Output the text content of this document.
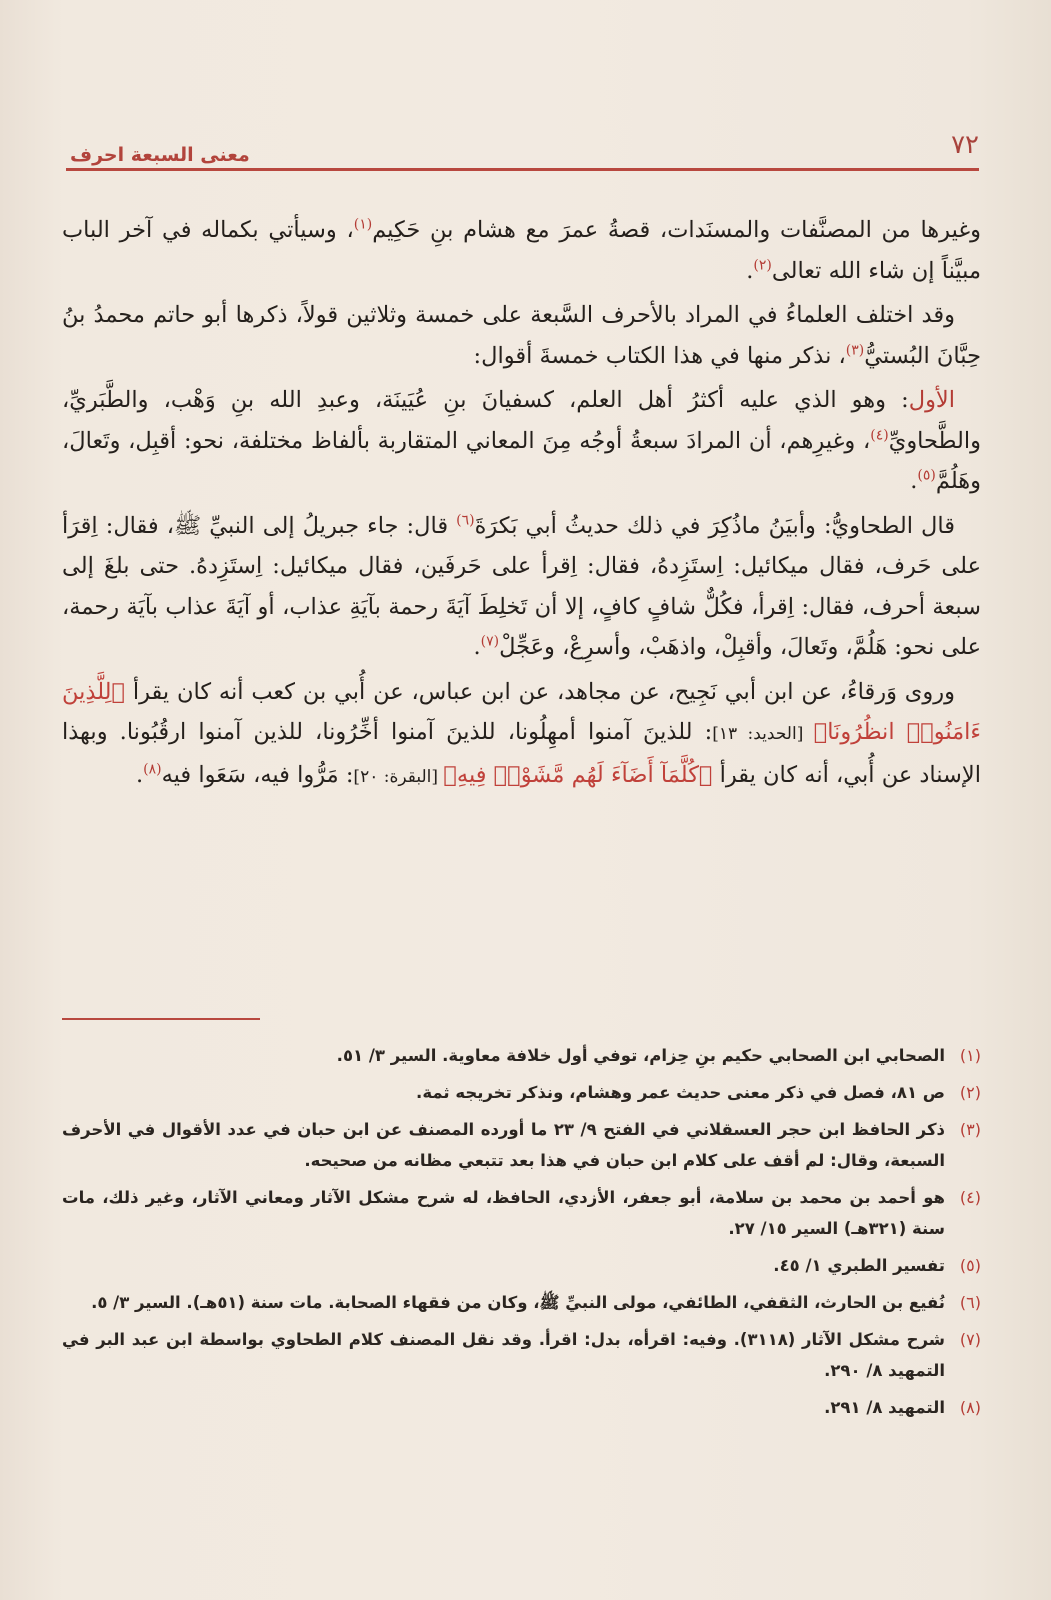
٧٢
معنى السبعة احرف

وغيرها من المصنَّفات والمسنَدات، قصةُ عمرَ مع هشام بنِ حَكِيم$^{(١)}$، وسيأتي بكماله في آخر الباب مبيَّناً إن شاء الله تعالى$^{(٢)}$.

وقد اختلف العلماءُ في المراد بالأحرف السَّبعة على خمسة وثلاثين قولاً، ذكرها أبو حاتم محمدُ بنُ حِبَّانَ البُستيُّ$^{(٣)}$، نذكر منها في هذا الكتاب خمسةَ أقوال:

الأول: وهو الذي عليه أكثرُ أهل العلم، كسفيانَ بنِ عُيَينَة، وعبدِ الله بنِ وَهْب، والطَّبَريِّ، والطَّحاويِّ$^{(٤)}$، وغيرِهم، أن المرادَ سبعةُ أوجُه مِنَ المعاني المتقاربة بألفاظ مختلفة، نحو: أقبِل، وتَعالَ، وهَلُمَّ$^{(٥)}$.

قال الطحاويُّ: وأبيَنُ ماذُكِرَ في ذلك حديثُ أبي بَكرَةَ$^{(٦)}$ قال: جاء جبريلُ إلى النبيِّ ﷺ، فقال: اِقرَأ على حَرف، فقال ميكائيل: اِستَزِدهُ، فقال: اِقرأ على حَرفَين، فقال ميكائيل: اِستَزِدهُ. حتى بلغَ إلى سبعة أحرف، فقال: اِقرأ، فكُلٌّ شافٍ كافٍ، إلا أن تَخلِطَ آيَةَ رحمة بآيَةِ عذاب، أو آيَةَ عذاب بآيَة رحمة، على نحو: هَلُمَّ، وتَعالَ، وأقبِلْ، واذهَبْ، وأسرِعْ، وعَجِّلْ$^{(٧)}$.

وروى وَرقاءُ، عن ابن أبي نَجِيح، عن مجاهد، عن ابن عباس، عن أُبي بن كعب أنه كان يقرأ ﴿لِلَّذِينَ ءَامَنُوا۟ انظُرُونَا﴾ [الحديد: ١٣]: للذينَ آمنوا أمهِلُونا، للذينَ آمنوا أخِّرُونا، للذين آمنوا ارقُبُونا. وبهذا الإسناد عن أُبي، أنه كان يقرأ ﴿كُلَّمَآ أَضَآءَ لَهُم مَّشَوْا۟ فِيهِ﴾ [البقرة: ٢٠]: مَرُّوا فيه، سَعَوا فيه$^{(٨)}$.

(١)
الصحابي ابن الصحابي حكيم بنِ حِزام، توفي أول خلافة معاوية. السير ٣/ ٥١.
(٢)
ص ٨١، فصل في ذكر معنى حديث عمر وهشام، ونذكر تخريجه ثمة.
(٣)
ذكر الحافظ ابن حجر العسقلاني في الفتح ٩/ ٢٣ ما أورده المصنف عن ابن حبان في عدد الأقوال في الأحرف السبعة، وقال: لم أقف على كلام ابن حبان في هذا بعد تتبعي مظانه من صحيحه.
(٤)
هو أحمد بن محمد بن سلامة، أبو جعفر، الأزدي، الحافظ، له شرح مشكل الآثار ومعاني الآثار، وغير ذلك، مات سنة (٣٢١هـ) السير ١٥/ ٢٧.
(٥)
تفسير الطبري ١/ ٤٥.
(٦)
نُفيع بن الحارث، الثقفي، الطائفي، مولى النبيِّ ﷺ، وكان من فقهاء الصحابة. مات سنة (٥١هـ). السير ٣/ ٥.
(٧)
شرح مشكل الآثار (٣١١٨). وفيه: اقرأه، بدل: اقرأ. وقد نقل المصنف كلام الطحاوي بواسطة ابن عبد البر في التمهيد ٨/ ٢٩٠.
(٨)
التمهيد ٨/ ٢٩١.
